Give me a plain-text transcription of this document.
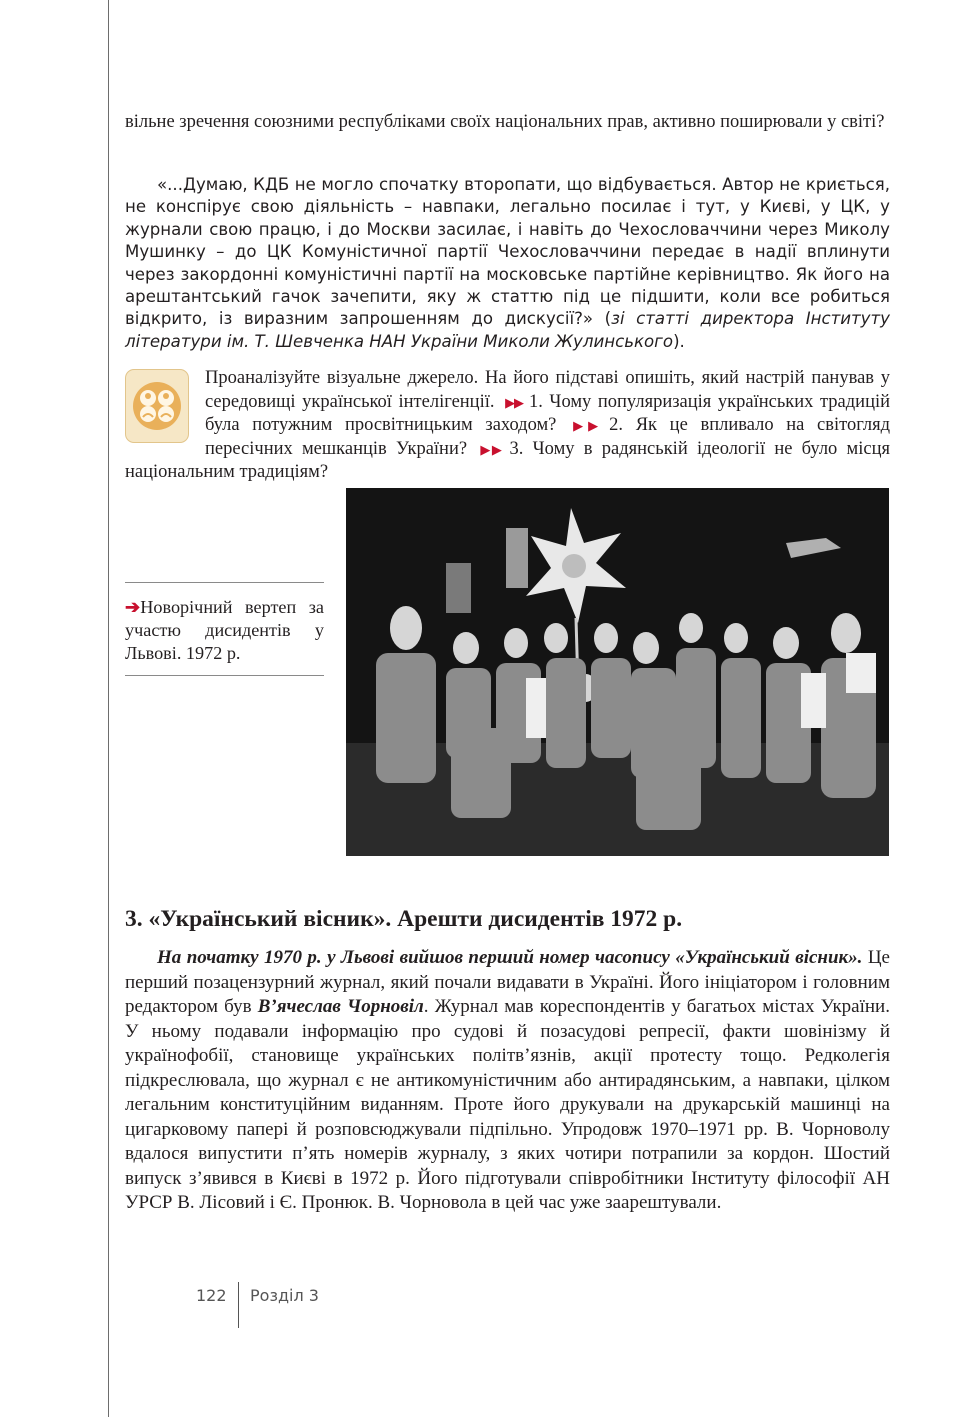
вільне зречення союзними республіками своїх національних прав, активно поширювали у світі?

«...Думаю, КДБ не могло спочатку второпати, що відбувається. Автор не криється, не конспірує свою діяльність – навпаки, легально посилає і тут, у Києві, у ЦК, у журнали свою працю, і до Москви засилає, і навіть до Чехословаччини через Миколу Мушинку – до ЦК Комуністичної партії Чехословаччини передає в надії вплинути через закордонні комуністичні партії на московське партійне керівництво. Як його на арештантський гачок зачепити, яку ж статтю під це підшити, коли все робиться відкрито, із виразним запрошенням до дискусії?» (зі статті директора Інституту літератури ім. Т. Шевченка НАН України Миколи Жулинського).

Проаналізуйте візуальне джерело. На його підставі опишіть, який настрій панував у середовищі української інтелігенції. ▶▶ 1. Чому популяризація українських традицій була потужним просвітницьким заходом? ▶▶ 2. Як це впливало на світогляд пересічних мешканців України? ▶▶ 3. Чому в радянській ідеології не було місця національним традиціям?
➔Новорічний вертеп за участю дисидентів у Львові. 1972 р.
3. «Український вісник». Арешти дисидентів 1972 р.

На початку 1970 р. у Львові вийшов перший номер часопису «Український вісник». Це перший позацензурний журнал, який почали видавати в Україні. Його ініціатором і головним редактором був В’ячеслав Чорновіл. Журнал мав кореспондентів у багатьох містах України. У ньому подавали інформацію про судові й позасудові репресії, факти шовінізму й українофобії, становище українських політв’язнів, акції протесту тощо. Редколегія підкреслювала, що журнал є не антикомуністичним або антирадянським, а навпаки, цілком легальним конституційним виданням. Проте його друкували на друкарській машинці на цигарковому папері й розповсюджували підпільно. Упродовж 1970–1971 рр. В. Чорноволу вдалося випустити п’ять номерів журналу, з яких чотири потрапили за кордон. Шостий випуск з’явився в Києві в 1972 р. Його підготували співробітники Інституту філософії АН УРСР В. Лісовий і Є. Пронюк. В. Чорновола в цей час уже заарештували.

122 Розділ 3
